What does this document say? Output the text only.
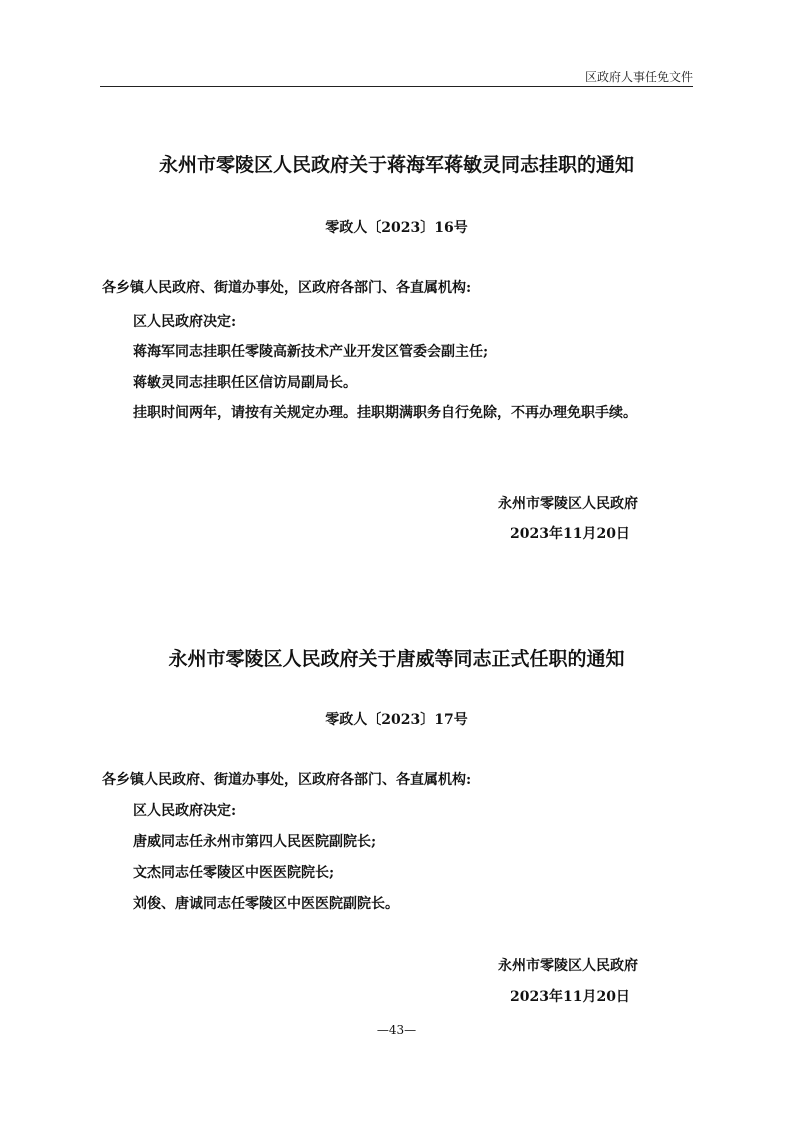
区政府人事任免文件
永州市零陵区人民政府关于蒋海军蒋敏灵同志挂职的通知
零政人〔2023〕16号
各乡镇人民政府、街道办事处，区政府各部门、各直属机构:
区人民政府决定:
蒋海军同志挂职任零陵高新技术产业开发区管委会副主任;
蒋敏灵同志挂职任区信访局副局长。
挂职时间两年，请按有关规定办理。挂职期满职务自行免除，不再办理免职手续。
永州市零陵区人民政府
2023年11月20日
永州市零陵区人民政府关于唐威等同志正式任职的通知
零政人〔2023〕17号
各乡镇人民政府、街道办事处，区政府各部门、各直属机构:
区人民政府决定:
唐威同志任永州市第四人民医院副院长;
文杰同志任零陵区中医医院院长;
刘俊、唐诚同志任零陵区中医医院副院长。
永州市零陵区人民政府
2023年11月20日
—43—
